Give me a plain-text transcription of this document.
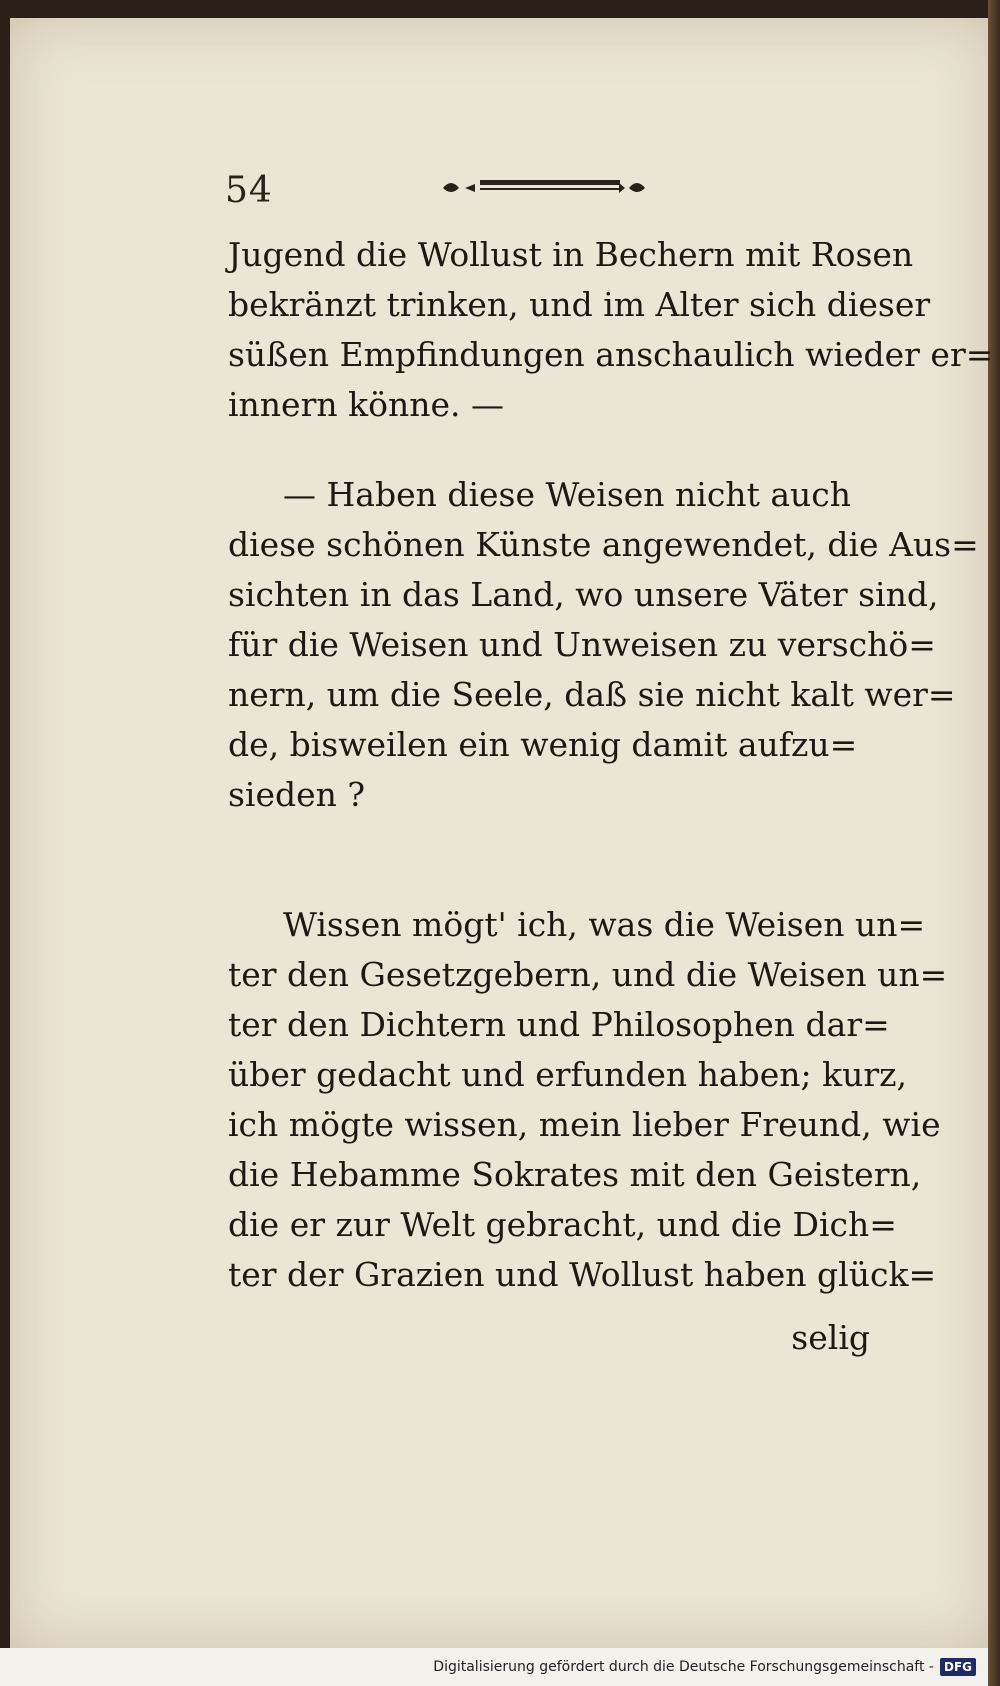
54
Jugend die Wollust in Bechern mit Rosen
bekränzt trinken, und im Alter sich dieser
süßen Empfindungen anschaulich wieder er=
innern könne. —
— Haben diese Weisen nicht auch
diese schönen Künste angewendet, die Aus=
sichten in das Land, wo unsere Väter sind,
für die Weisen und Unweisen zu verschö=
nern, um die Seele, daß sie nicht kalt wer=
de, bisweilen ein wenig damit aufzu=
sieden ?
Wissen mögt' ich, was die Weisen un=
ter den Gesetzgebern, und die Weisen un=
ter den Dichtern und Philosophen dar=
über gedacht und erfunden haben; kurz,
ich mögte wissen, mein lieber Freund, wie
die Hebamme Sokrates mit den Geistern,
die er zur Welt gebracht, und die Dich=
ter der Grazien und Wollust haben glück=
selig
Digitalisierung gefördert durch die Deutsche Forschungsgemeinschaft - DFG
